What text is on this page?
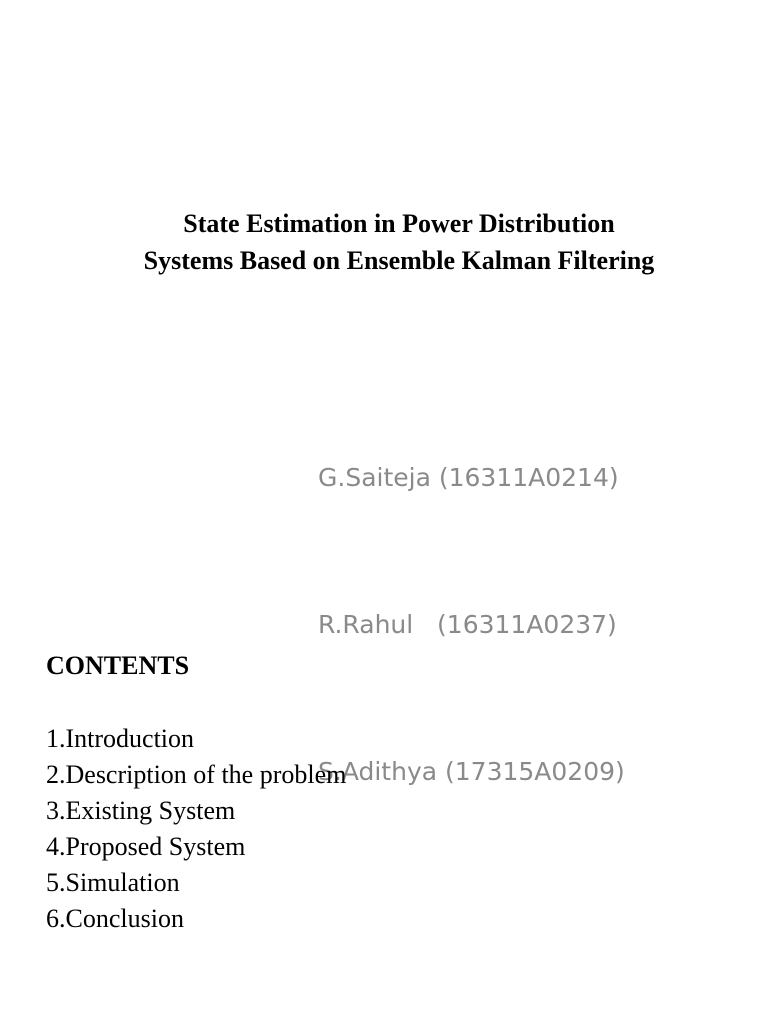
State Estimation in Power Distribution
Systems Based on Ensemble Kalman Filtering

G.Saiteja (16311A0214)

R.Rahul   (16311A0237)

S.Adithya (17315A0209)

CONTENTS
1.Introduction
2.Description of the problem
3.Existing System
4.Proposed System
5.Simulation
6.Conclusion
